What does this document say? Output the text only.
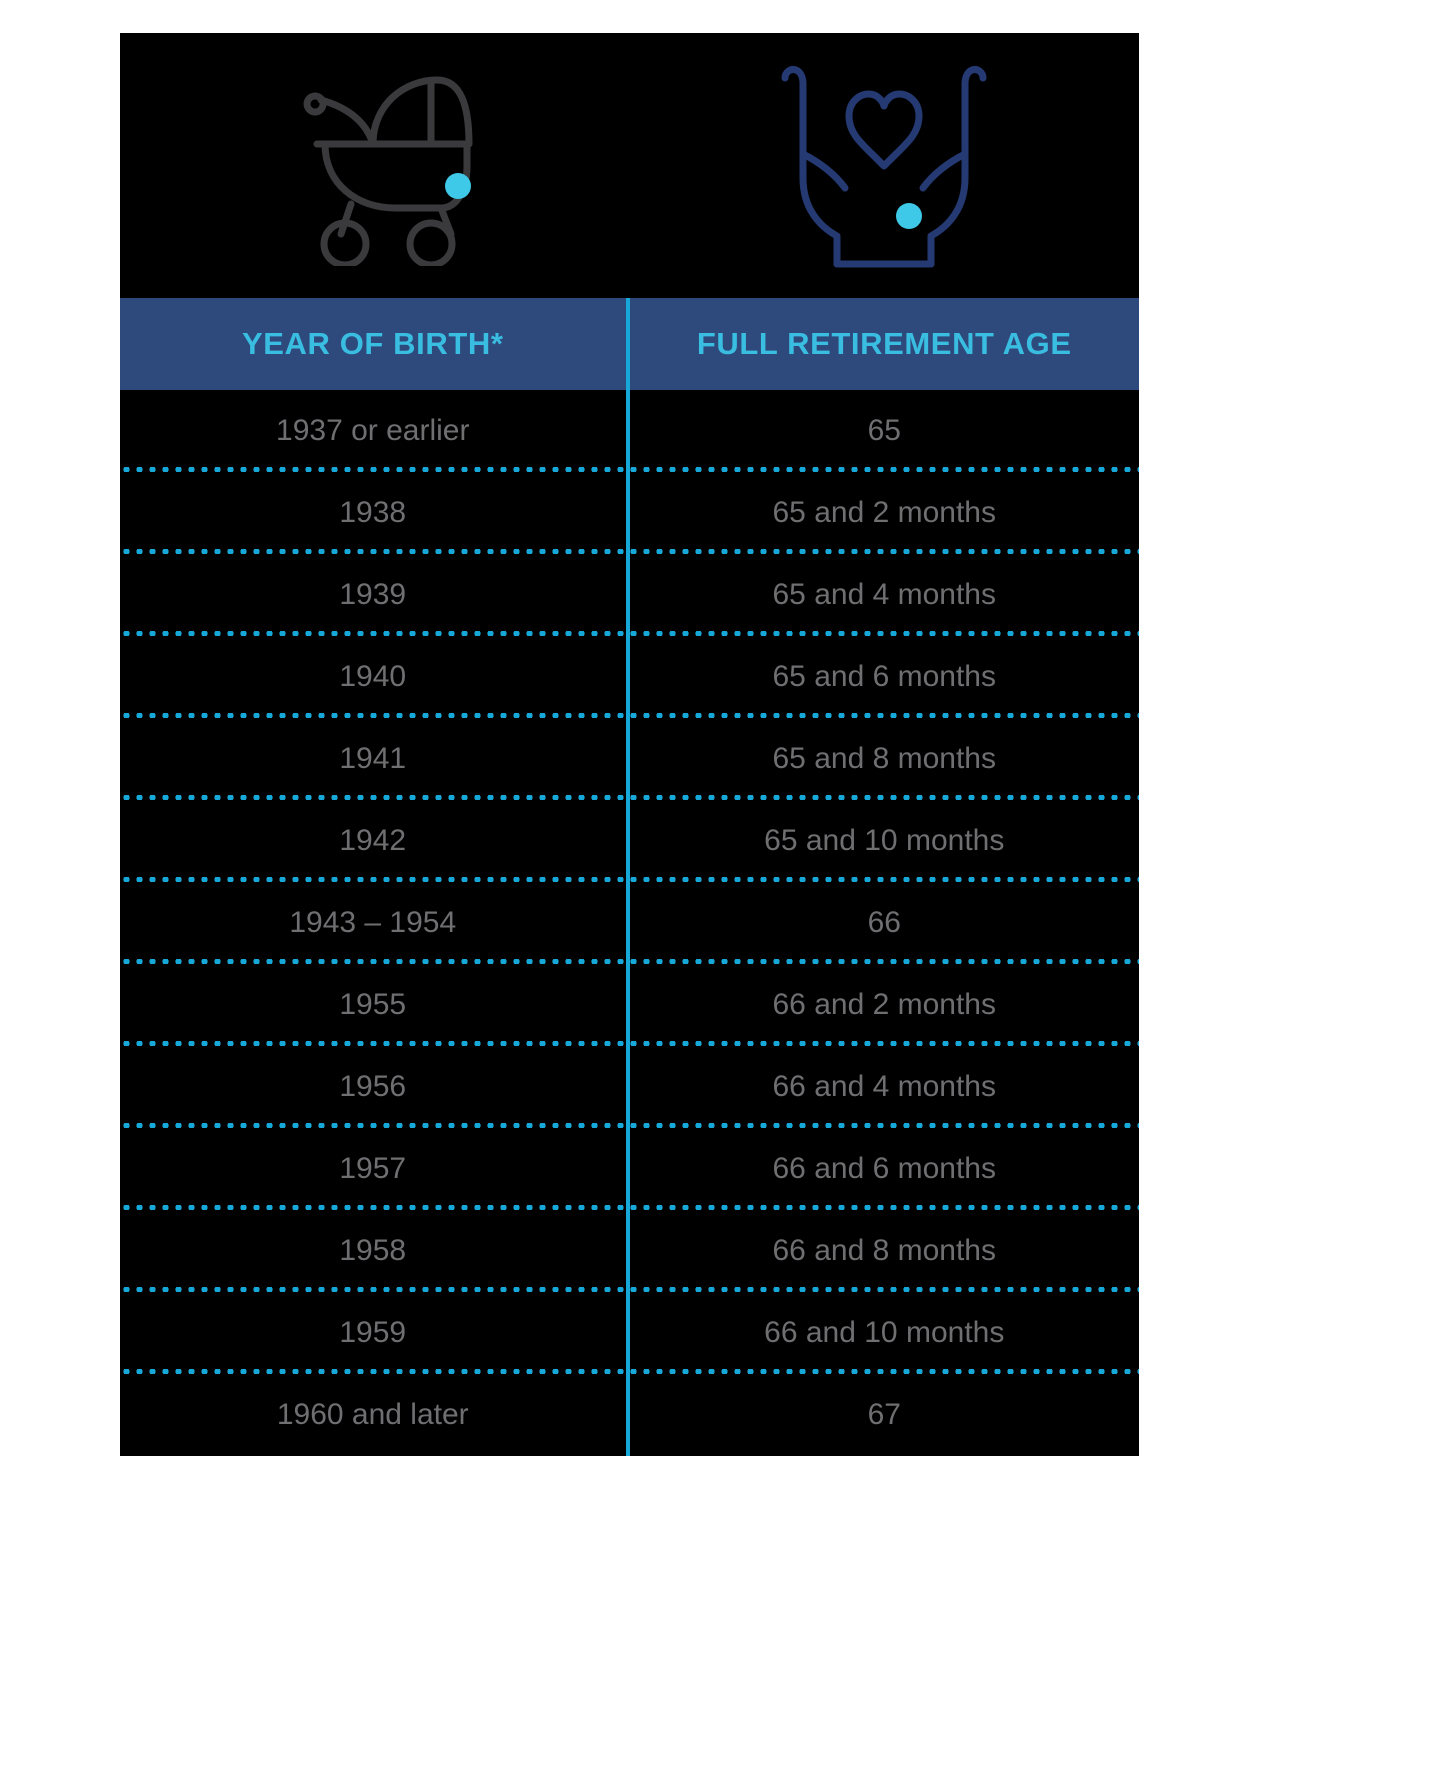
YEAR OF BIRTH*	FULL RETIREMENT AGE
1937 or earlier	65
1938	65 and 2 months
1939	65 and 4 months
1940	65 and 6 months
1941	65 and 8 months
1942	65 and 10 months
1943 – 1954	66
1955	66 and 2 months
1956	66 and 4 months
1957	66 and 6 months
1958	66 and 8 months
1959	66 and 10 months
1960 and later	67
